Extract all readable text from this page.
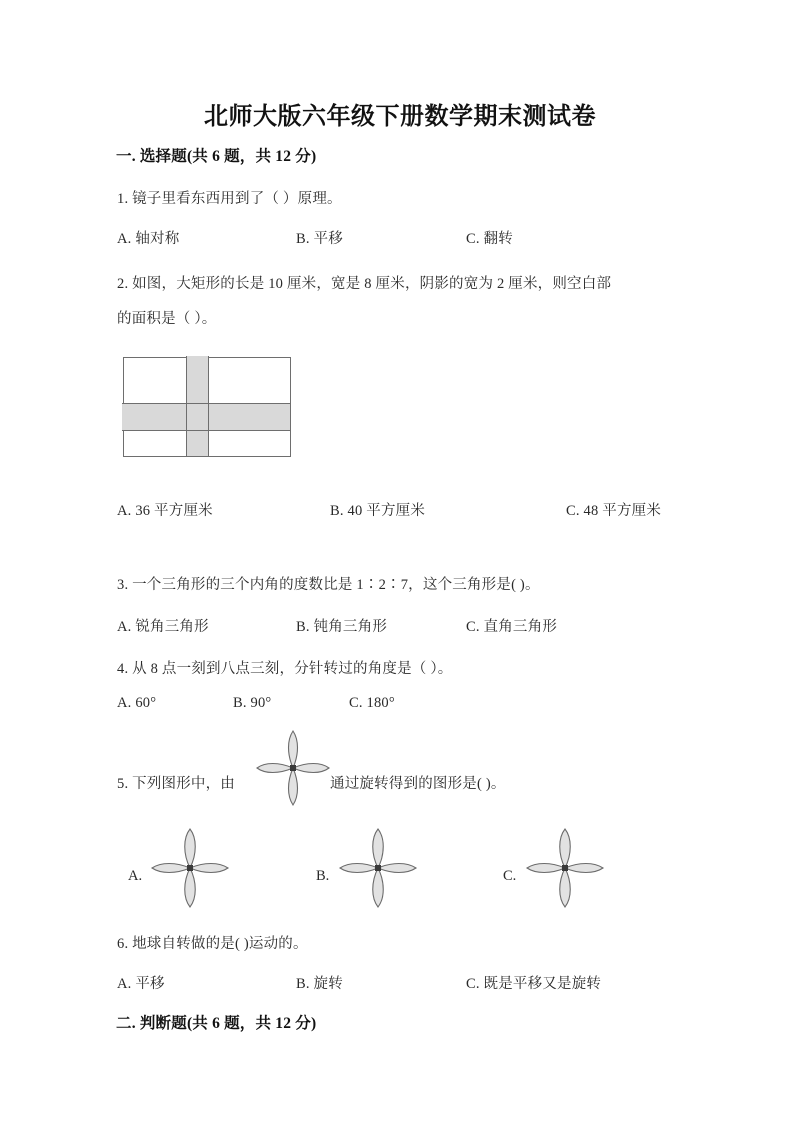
北师大版六年级下册数学期末测试卷
一. 选择题(共 6 题，共 12 分)
1. 镜子里看东西用到了（ ）原理。
A. 轴对称	B. 平移	C. 翻转
2. 如图，大矩形的长是 10 厘米，宽是 8 厘米，阴影的宽为 2 厘米，则空白部
的面积是（ ）。
A. 36 平方厘米	B. 40 平方厘米	C. 48 平方厘米
3. 一个三角形的三个内角的度数比是 1∶2∶7，这个三角形是( )。
A. 锐角三角形	B. 钝角三角形	C. 直角三角形
4. 从 8 点一刻到八点三刻，分针转过的角度是（ ）。
A. 60°	B. 90°	C. 180°
5. 下列图形中，由	通过旋转得到的图形是( )。
A.	B.	C.
6. 地球自转做的是( )运动的。
A. 平移	B. 旋转	C. 既是平移又是旋转
二. 判断题(共 6 题，共 12 分)
